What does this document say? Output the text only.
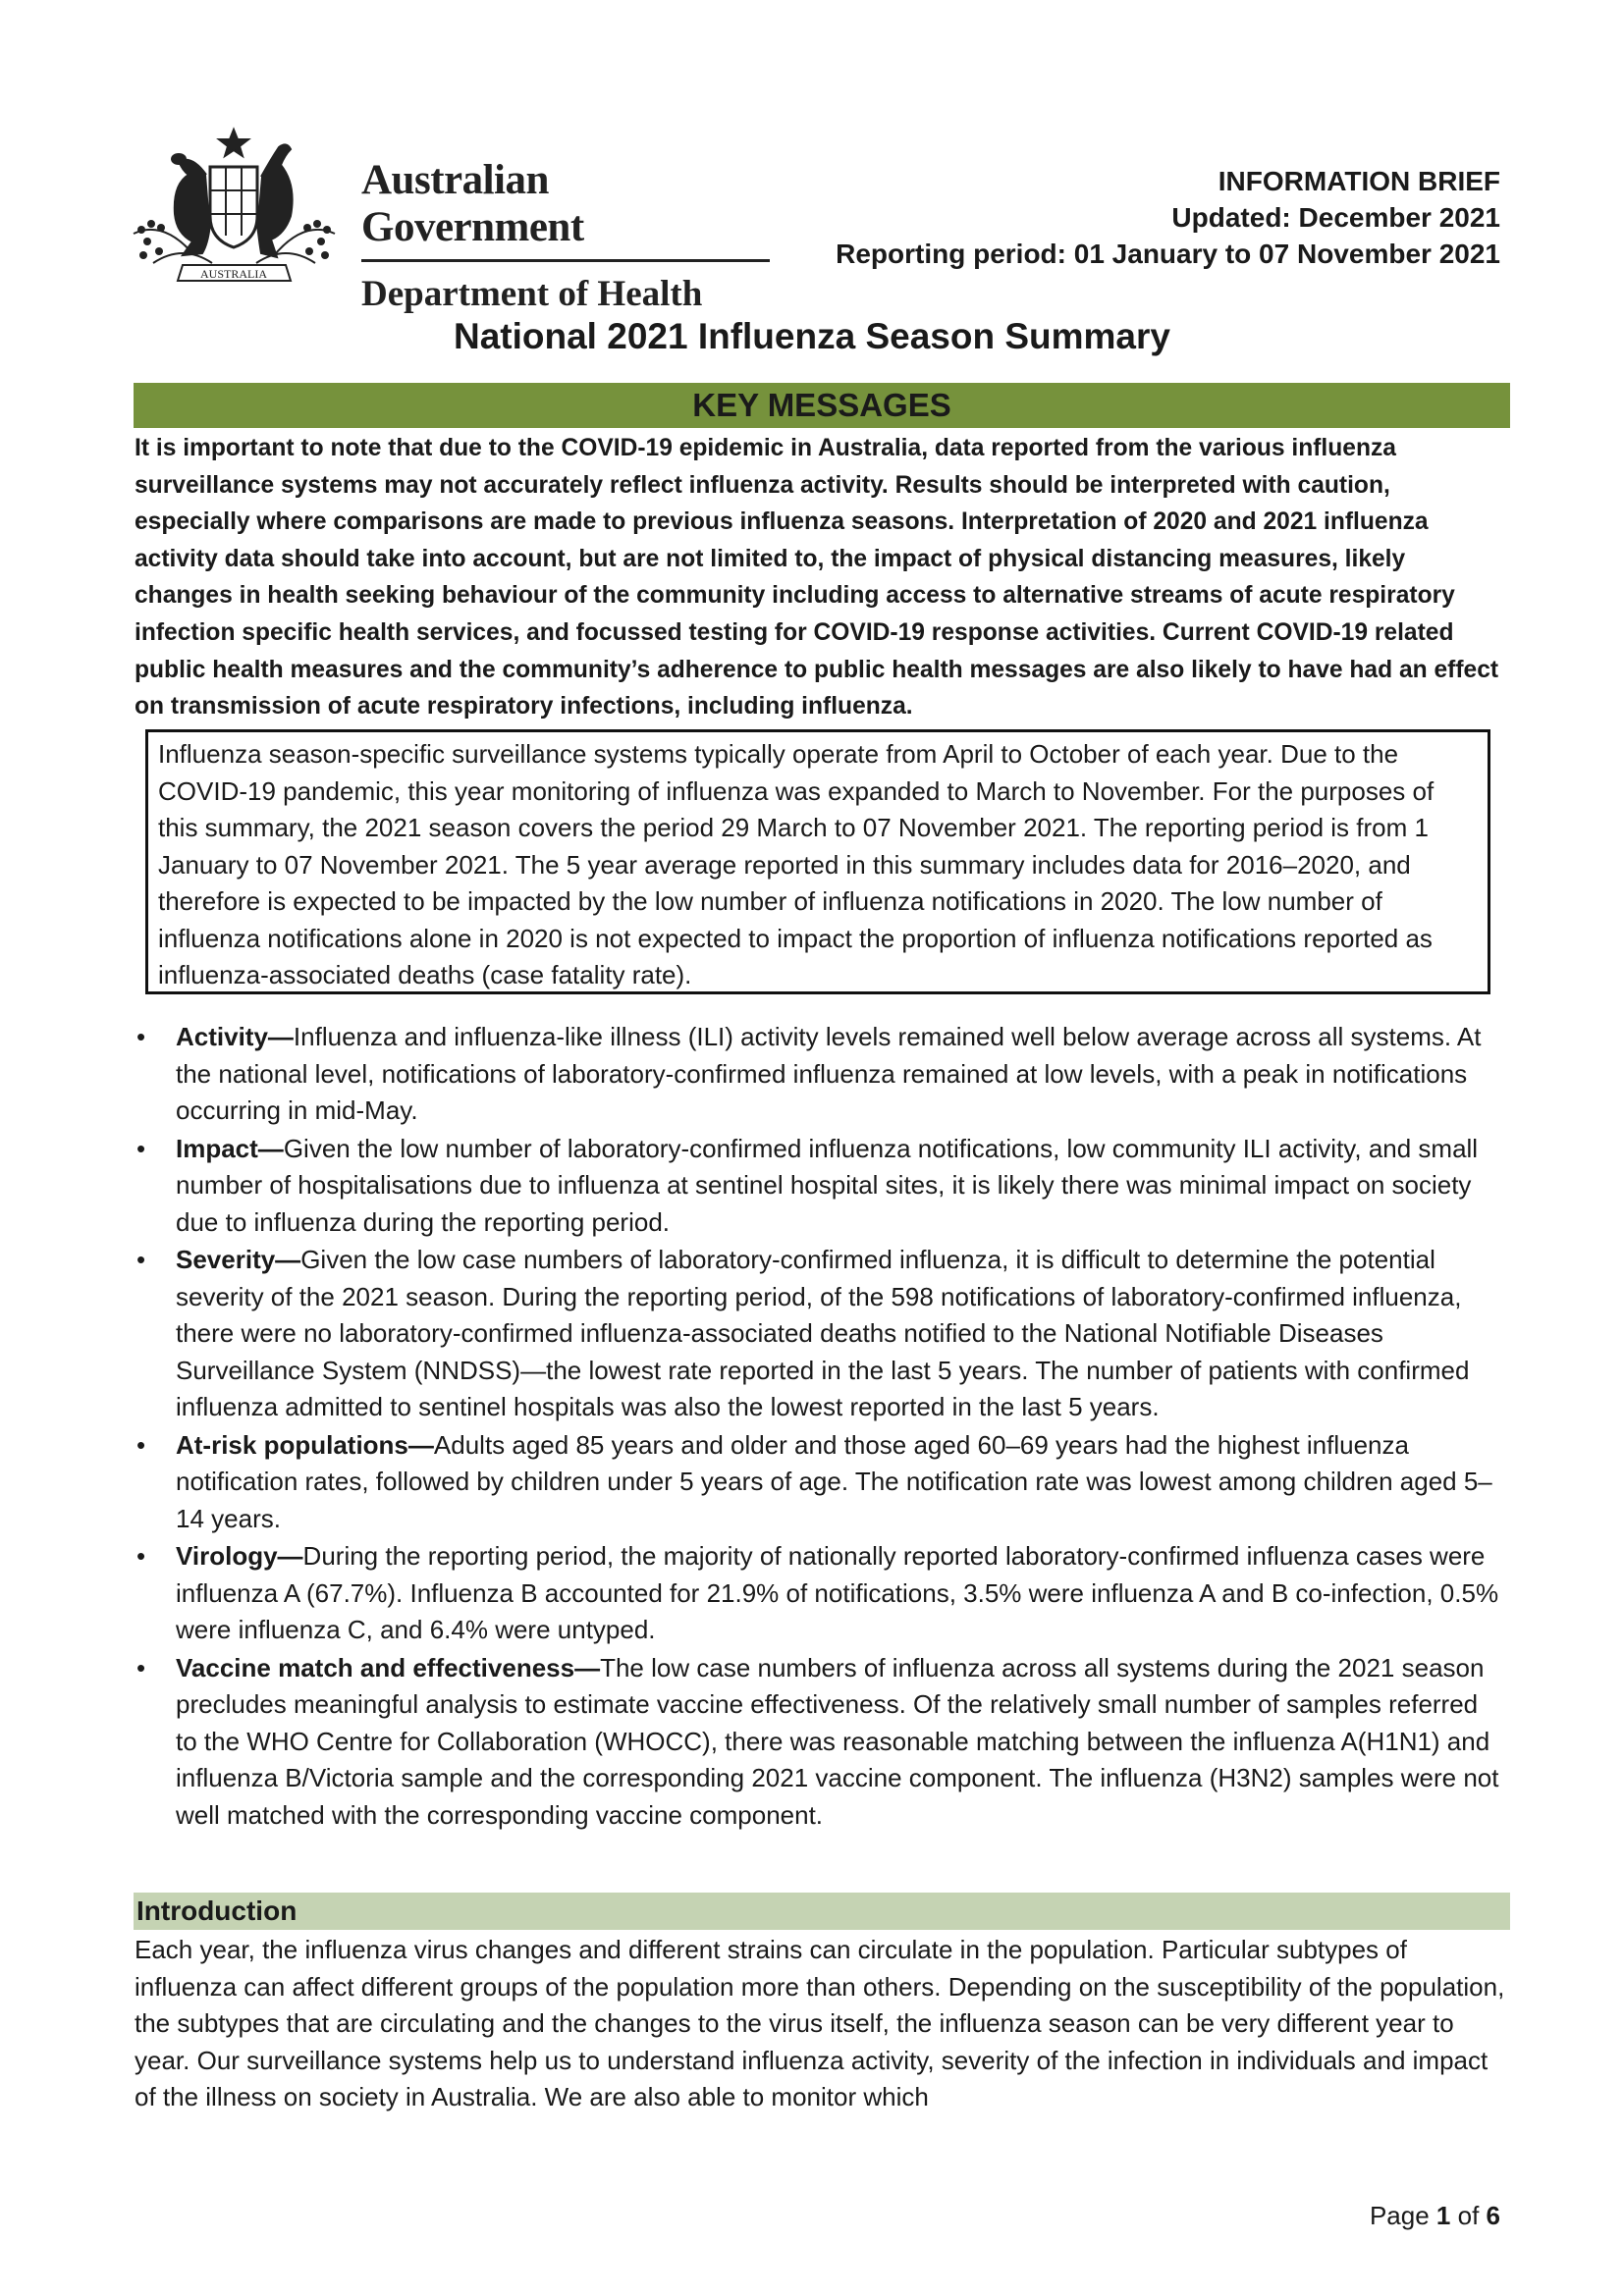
AUSTRALIA
Australian Government
Department of Health
INFORMATION BRIEF
Updated: December 2021
Reporting period: 01 January to 07 November 2021
National 2021 Influenza Season Summary
KEY MESSAGES
It is important to note that due to the COVID-19 epidemic in Australia, data reported from the various influenza surveillance systems may not accurately reflect influenza activity. Results should be interpreted with caution, especially where comparisons are made to previous influenza seasons. Interpretation of 2020 and 2021 influenza activity data should take into account, but are not limited to, the impact of physical distancing measures, likely changes in health seeking behaviour of the community including access to alternative streams of acute respiratory infection specific health services, and focussed testing for COVID-19 response activities. Current COVID-19 related public health measures and the community’s adherence to public health messages are also likely to have had an effect on transmission of acute respiratory infections, including influenza.
Influenza season-specific surveillance systems typically operate from April to October of each year. Due to the COVID-19 pandemic, this year monitoring of influenza was expanded to March to November. For the purposes of this summary, the 2021 season covers the period 29 March to 07 November 2021. The reporting period is from 1 January to 07 November 2021. The 5 year average reported in this summary includes data for 2016–2020, and therefore is expected to be impacted by the low number of influenza notifications in 2020. The low number of influenza notifications alone in 2020 is not expected to impact the proportion of influenza notifications reported as influenza-associated deaths (case fatality rate).
• Activity—Influenza and influenza-like illness (ILI) activity levels remained well below average across all systems. At the national level, notifications of laboratory-confirmed influenza remained at low levels, with a peak in notifications occurring in mid-May.
• Impact—Given the low number of laboratory-confirmed influenza notifications, low community ILI activity, and small number of hospitalisations due to influenza at sentinel hospital sites, it is likely there was minimal impact on society due to influenza during the reporting period.
• Severity—Given the low case numbers of laboratory-confirmed influenza, it is difficult to determine the potential severity of the 2021 season. During the reporting period, of the 598 notifications of laboratory-confirmed influenza, there were no laboratory-confirmed influenza-associated deaths notified to the National Notifiable Diseases Surveillance System (NNDSS)—the lowest rate reported in the last 5 years. The number of patients with confirmed influenza admitted to sentinel hospitals was also the lowest reported in the last 5 years.
• At-risk populations—Adults aged 85 years and older and those aged 60–69 years had the highest influenza notification rates, followed by children under 5 years of age. The notification rate was lowest among children aged 5–14 years.
• Virology—During the reporting period, the majority of nationally reported laboratory-confirmed influenza cases were influenza A (67.7%). Influenza B accounted for 21.9% of notifications, 3.5% were influenza A and B co-infection, 0.5% were influenza C, and 6.4% were untyped.
• Vaccine match and effectiveness—The low case numbers of influenza across all systems during the 2021 season precludes meaningful analysis to estimate vaccine effectiveness. Of the relatively small number of samples referred to the WHO Centre for Collaboration (WHOCC), there was reasonable matching between the influenza A(H1N1) and influenza B/Victoria sample and the corresponding 2021 vaccine component. The influenza (H3N2) samples were not well matched with the corresponding vaccine component.
Introduction
Each year, the influenza virus changes and different strains can circulate in the population. Particular subtypes of influenza can affect different groups of the population more than others. Depending on the susceptibility of the population, the subtypes that are circulating and the changes to the virus itself, the influenza season can be very different year to year. Our surveillance systems help us to understand influenza activity, severity of the infection in individuals and impact of the illness on society in Australia. We are also able to monitor which
Page 1 of 6
